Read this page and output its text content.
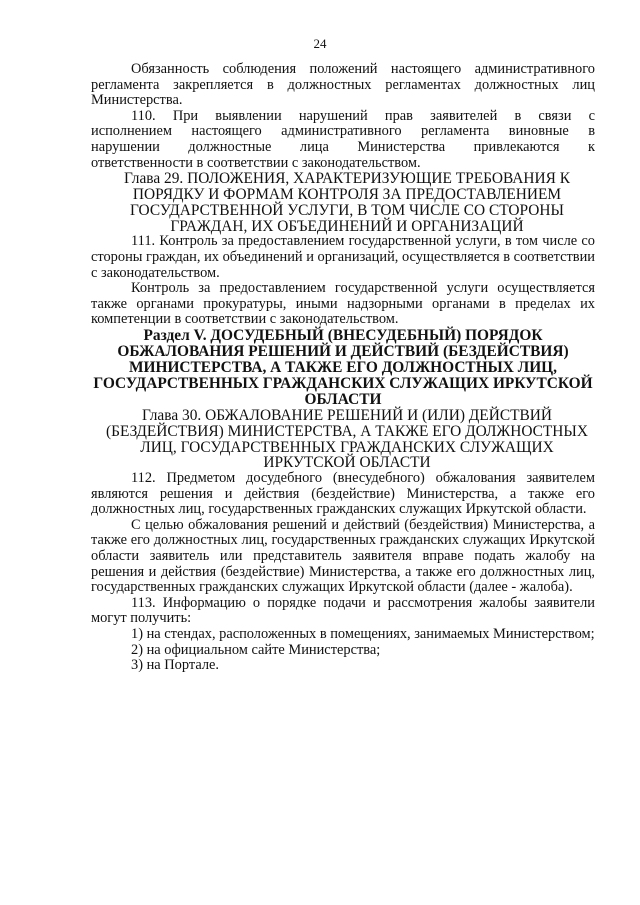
24

Обязанность соблюдения положений настоящего административного регламента закрепляется в должностных регламентах должностных лиц Министерства.

110. При выявлении нарушений прав заявителей в связи с

исполнением настоящего административного регламента виновные в

нарушении должностные лица Министерства привлекаются к

ответственности в соответствии с законодательством.

Глава 29. ПОЛОЖЕНИЯ, ХАРАКТЕРИЗУЮЩИЕ ТРЕБОВАНИЯ К ПОРЯДКУ И ФОРМАМ КОНТРОЛЯ ЗА ПРЕДОСТАВЛЕНИЕМ ГОСУДАРСТВЕННОЙ УСЛУГИ, В ТОМ ЧИСЛЕ СО СТОРОНЫ ГРАЖДАН, ИХ ОБЪЕДИНЕНИЙ И ОРГАНИЗАЦИЙ

111. Контроль за предоставлением государственной услуги, в том числе со стороны граждан, их объединений и организаций, осуществляется в соответствии с законодательством.

Контроль за предоставлением государственной услуги осуществляется также органами прокуратуры, иными надзорными органами в пределах их компетенции в соответствии с законодательством.

Раздел V. ДОСУДЕБНЫЙ (ВНЕСУДЕБНЫЙ) ПОРЯДОК ОБЖАЛОВАНИЯ РЕШЕНИЙ И ДЕЙСТВИЙ (БЕЗДЕЙСТВИЯ) МИНИСТЕРСТВА, А ТАКЖЕ ЕГО ДОЛЖНОСТНЫХ ЛИЦ, ГОСУДАРСТВЕННЫХ ГРАЖДАНСКИХ СЛУЖАЩИХ ИРКУТСКОЙ ОБЛАСТИ

Глава 30. ОБЖАЛОВАНИЕ РЕШЕНИЙ И (ИЛИ) ДЕЙСТВИЙ (БЕЗДЕЙСТВИЯ) МИНИСТЕРСТВА, А ТАКЖЕ ЕГО ДОЛЖНОСТНЫХ ЛИЦ, ГОСУДАРСТВЕННЫХ ГРАЖДАНСКИХ СЛУЖАЩИХ ИРКУТСКОЙ ОБЛАСТИ

112. Предметом досудебного (внесудебного) обжалования заявителем являются решения и действия (бездействие) Министерства, а также его должностных лиц, государственных гражданских служащих Иркутской области.

С целью обжалования решений и действий (бездействия) Министерства, а также его должностных лиц, государственных гражданских служащих Иркутской области заявитель или представитель заявителя вправе подать жалобу на решения и действия (бездействие) Министерства, а также его должностных лиц, государственных гражданских служащих Иркутской области (далее - жалоба).

113. Информацию о порядке подачи и рассмотрения жалобы заявители могут получить:

1) на стендах, расположенных в помещениях, занимаемых Министерством;

2) на официальном сайте Министерства;

3) на Портале.
